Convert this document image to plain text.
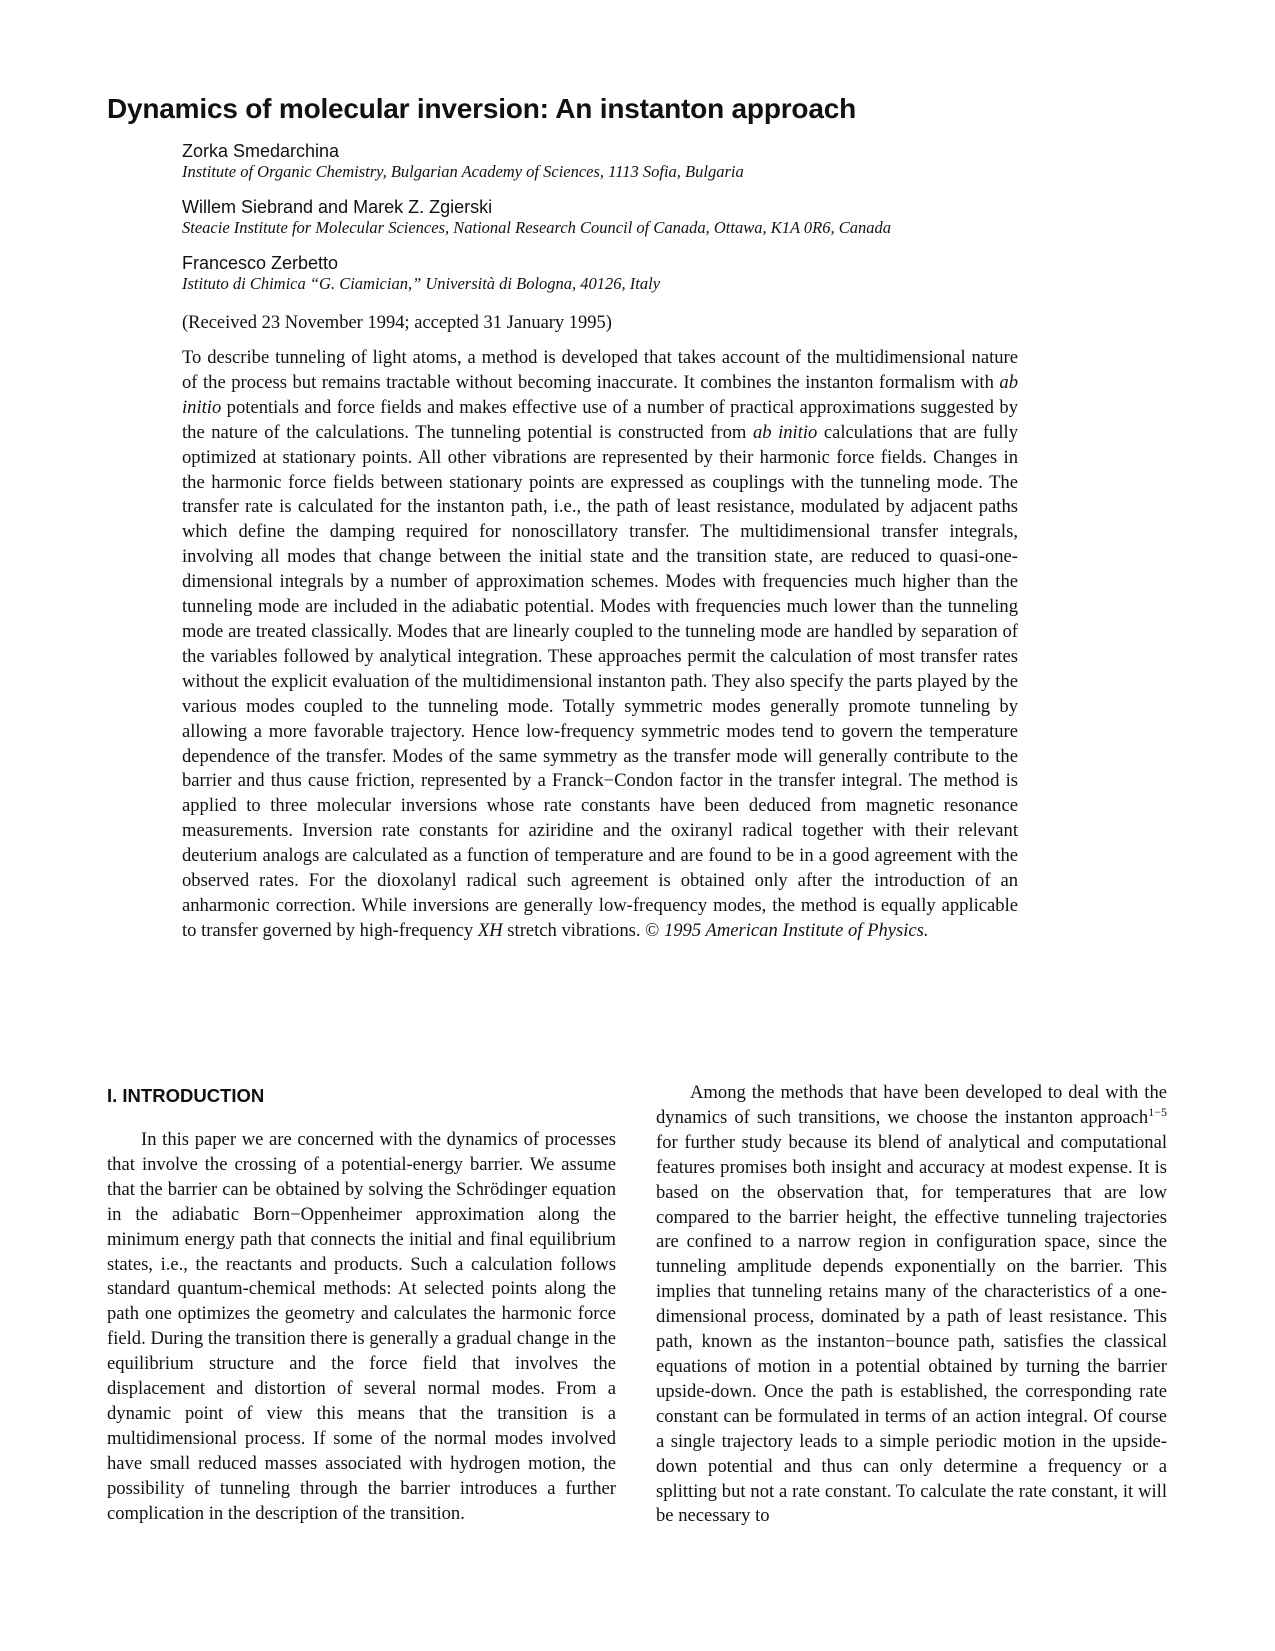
Dynamics of molecular inversion: An instanton approach
Zorka Smedarchina
Institute of Organic Chemistry, Bulgarian Academy of Sciences, 1113 Sofia, Bulgaria
Willem Siebrand and Marek Z. Zgierski
Steacie Institute for Molecular Sciences, National Research Council of Canada, Ottawa, K1A 0R6, Canada
Francesco Zerbetto
Istituto di Chimica “G. Ciamician,” Università di Bologna, 40126, Italy
(Received 23 November 1994; accepted 31 January 1995)

To describe tunneling of light atoms, a method is developed that takes account of the multidimensional nature of the process but remains tractable without becoming inaccurate. It combines the instanton formalism with ab initio potentials and force fields and makes effective use of a number of practical approximations suggested by the nature of the calculations. The tunneling potential is constructed from ab initio calculations that are fully optimized at stationary points. All other vibrations are represented by their harmonic force fields. Changes in the harmonic force fields between stationary points are expressed as couplings with the tunneling mode. The transfer rate is calculated for the instanton path, i.e., the path of least resistance, modulated by adjacent paths which define the damping required for nonoscillatory transfer. The multidimensional transfer integrals, involving all modes that change between the initial state and the transition state, are reduced to quasi-one-dimensional integrals by a number of approximation schemes. Modes with frequencies much higher than the tunneling mode are included in the adiabatic potential. Modes with frequencies much lower than the tunneling mode are treated classically. Modes that are linearly coupled to the tunneling mode are handled by separation of the variables followed by analytical integration. These approaches permit the calculation of most transfer rates without the explicit evaluation of the multidimensional instanton path. They also specify the parts played by the various modes coupled to the tunneling mode. Totally symmetric modes generally promote tunneling by allowing a more favorable trajectory. Hence low-frequency symmetric modes tend to govern the temperature dependence of the transfer. Modes of the same symmetry as the transfer mode will generally contribute to the barrier and thus cause friction, represented by a Franck−Condon factor in the transfer integral. The method is applied to three molecular inversions whose rate constants have been deduced from magnetic resonance measurements. Inversion rate constants for aziridine and the oxiranyl radical together with their relevant deuterium analogs are calculated as a function of temperature and are found to be in a good agreement with the observed rates. For the dioxolanyl radical such agreement is obtained only after the introduction of an anharmonic correction. While inversions are generally low-frequency modes, the method is equally applicable to transfer governed by high-frequency XH stretch vibrations. © 1995 American Institute of Physics.

I. INTRODUCTION

In this paper we are concerned with the dynamics of processes that involve the crossing of a potential-energy barrier. We assume that the barrier can be obtained by solving the Schrödinger equation in the adiabatic Born−Oppenheimer approximation along the minimum energy path that connects the initial and final equilibrium states, i.e., the reactants and products. Such a calculation follows standard quantum-chemical methods: At selected points along the path one optimizes the geometry and calculates the harmonic force field. During the transition there is generally a gradual change in the equilibrium structure and the force field that involves the displacement and distortion of several normal modes. From a dynamic point of view this means that the transition is a multidimensional process. If some of the normal modes involved have small reduced masses associated with hydrogen motion, the possibility of tunneling through the barrier introduces a further complication in the description of the transition.

Among the methods that have been developed to deal with the dynamics of such transitions, we choose the instanton approach$^{1-5}$ for further study because its blend of analytical and computational features promises both insight and accuracy at modest expense. It is based on the observation that, for temperatures that are low compared to the barrier height, the effective tunneling trajectories are confined to a narrow region in configuration space, since the tunneling amplitude depends exponentially on the barrier. This implies that tunneling retains many of the characteristics of a one-dimensional process, dominated by a path of least resistance. This path, known as the instanton−bounce path, satisfies the classical equations of motion in a potential obtained by turning the barrier upside-down. Once the path is established, the corresponding rate constant can be formulated in terms of an action integral. Of course a single trajectory leads to a simple periodic motion in the upside-down potential and thus can only determine a frequency or a splitting but not a rate constant. To calculate the rate constant, it will be necessary to
